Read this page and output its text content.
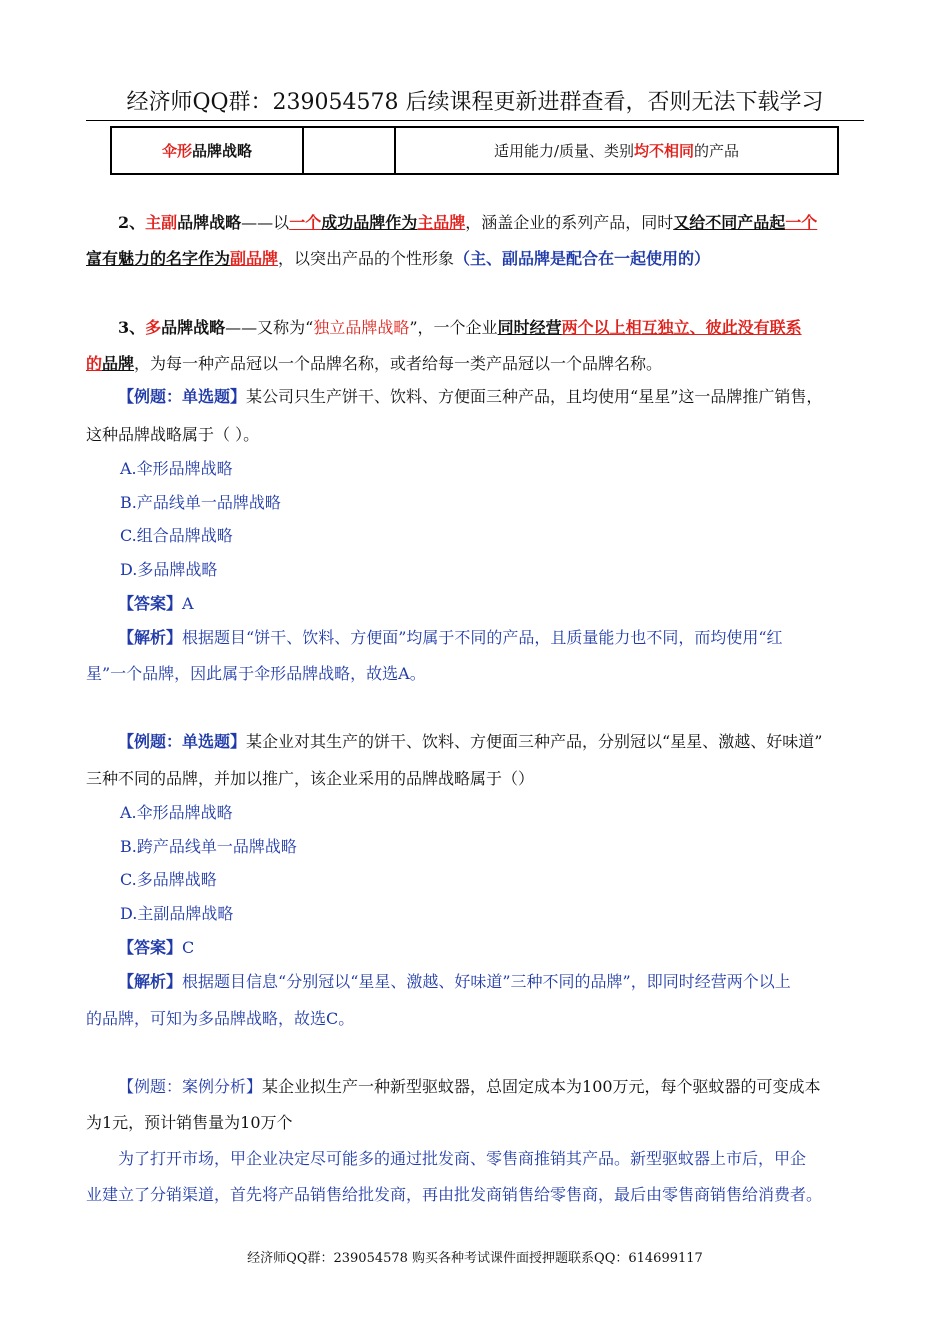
经济师QQ群：239054578 后续课程更新进群查看，否则无法下载学习
伞形品牌战略		适用能力/质量、类别均不相同的产品

2、主副品牌战略——以一个成功品牌作为主品牌，涵盖企业的系列产品，同时又给不同产品起一个

富有魅力的名字作为副品牌，以突出产品的个性形象（主、副品牌是配合在一起使用的）

3、多品牌战略——又称为“独立品牌战略”，一个企业同时经营两个以上相互独立、彼此没有联系

的品牌，为每一种产品冠以一个品牌名称，或者给每一类产品冠以一个品牌名称。

【例题：单选题】某公司只生产饼干、饮料、方便面三种产品，且均使用“星星”这一品牌推广销售，

这种品牌战略属于（ ）。

A.伞形品牌战略

B.产品线单一品牌战略

C.组合品牌战略

D.多品牌战略

【答案】A

【解析】根据题目“饼干、饮料、方便面”均属于不同的产品，且质量能力也不同，而均使用“红

星”一个品牌，因此属于伞形品牌战略，故选A。

【例题：单选题】某企业对其生产的饼干、饮料、方便面三种产品，分别冠以“星星、激越、好味道”

三种不同的品牌，并加以推广，该企业采用的品牌战略属于（）

A.伞形品牌战略

B.跨产品线单一品牌战略

C.多品牌战略

D.主副品牌战略

【答案】C

【解析】根据题目信息“分别冠以“星星、激越、好味道”三种不同的品牌”，即同时经营两个以上

的品牌，可知为多品牌战略，故选C。

【例题：案例分析】某企业拟生产一种新型驱蚊器，总固定成本为100万元，每个驱蚊器的可变成本

为1元，预计销售量为10万个

为了打开市场，甲企业决定尽可能多的通过批发商、零售商推销其产品。新型驱蚊器上市后，甲企

业建立了分销渠道，首先将产品销售给批发商，再由批发商销售给零售商，最后由零售商销售给消费者。

经济师QQ群：239054578 购买各种考试课件面授押题联系QQ：614699117
